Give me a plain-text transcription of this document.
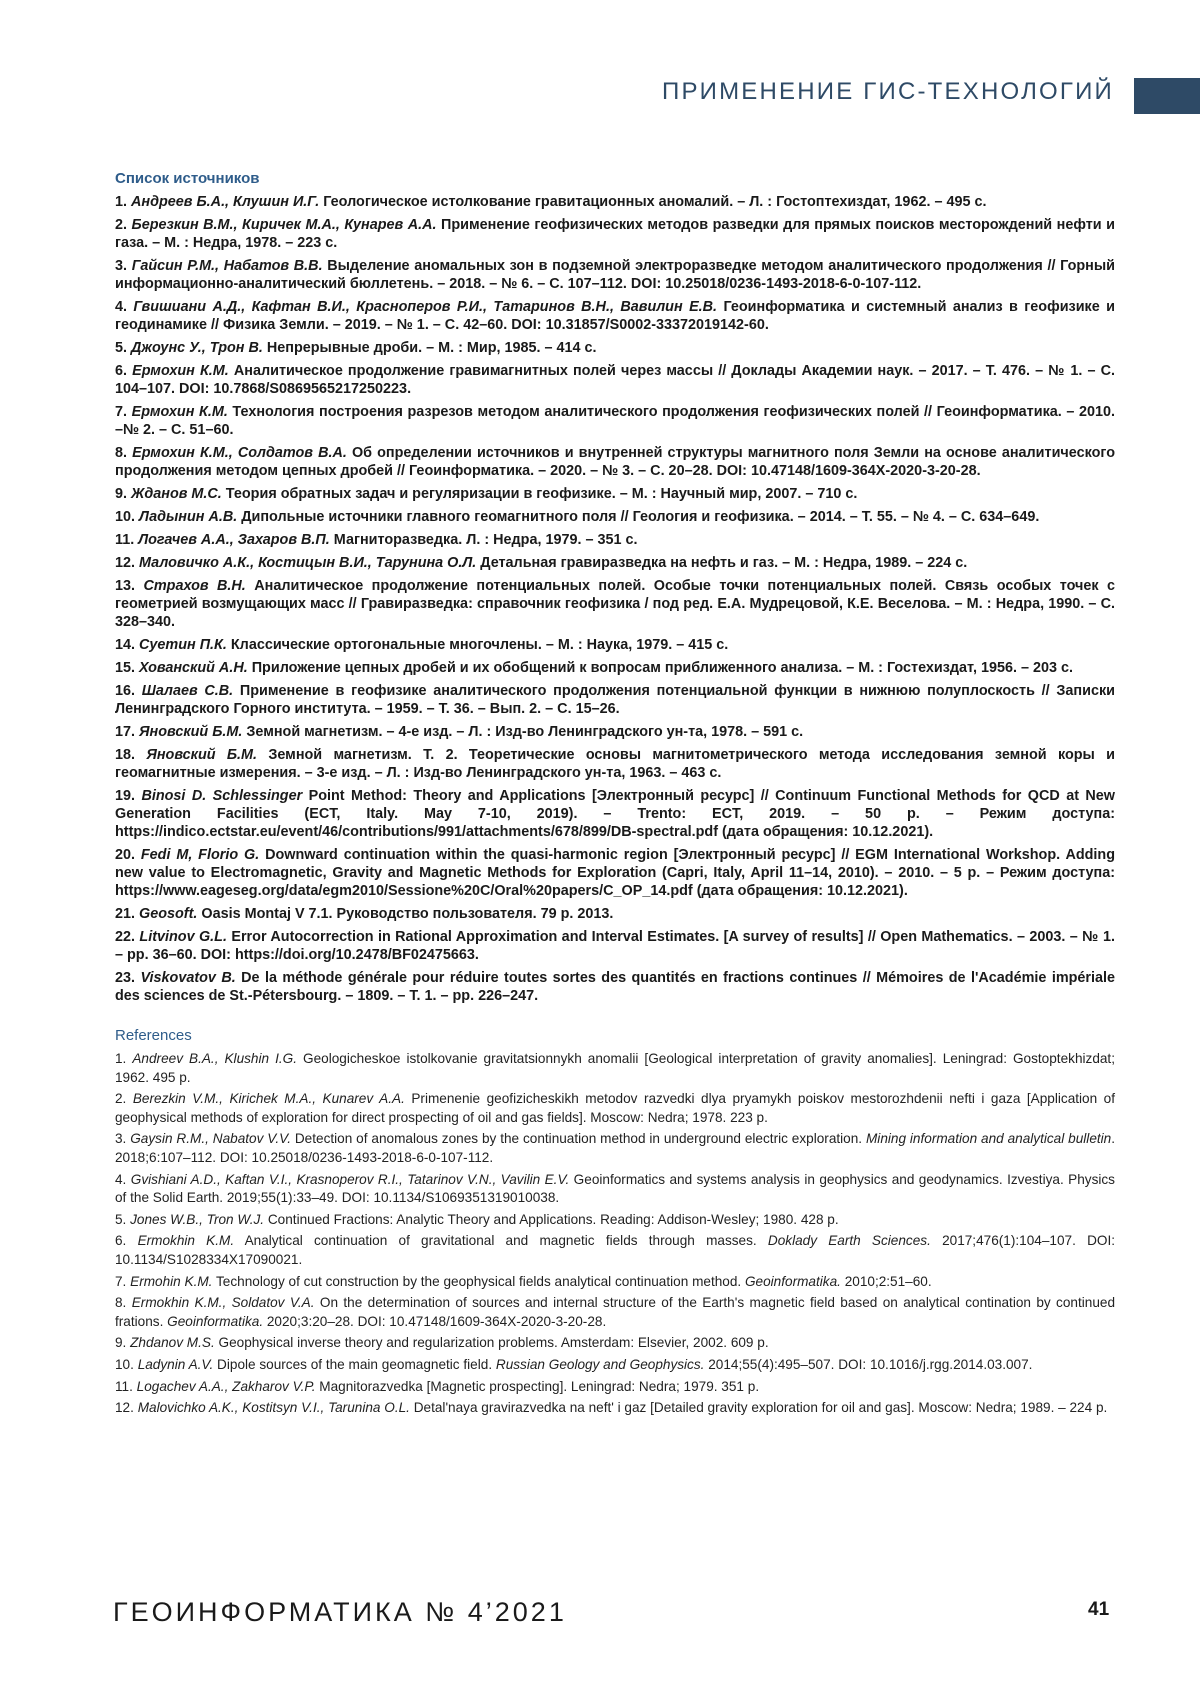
ПРИМЕНЕНИЕ ГИС-ТЕХНОЛОГИЙ
Список источников
1. Андреев Б.А., Клушин И.Г. Геологическое истолкование гравитационных аномалий. – Л. : Гостоптехиздат, 1962. – 495 с.
2. Березкин В.М., Киричек М.А., Кунарев А.А. Применение геофизических методов разведки для прямых поисков месторождений нефти и газа. – М. : Недра, 1978. – 223 с.
3. Гайсин Р.М., Набатов В.В. Выделение аномальных зон в подземной электроразведке методом аналитического продолжения // Горный информационно-аналитический бюллетень. – 2018. – № 6. – С. 107–112. DOI: 10.25018/0236-1493-2018-6-0-107-112.
4. Гвишиани А.Д., Кафтан В.И., Красноперов Р.И., Татаринов В.Н., Вавилин Е.В. Геоинформатика и системный анализ в геофизике и геодинамике // Физика Земли. – 2019. – № 1. – С. 42–60. DOI: 10.31857/S0002-33372019142-60.
5. Джоунс У., Трон В. Непрерывные дроби. – М. : Мир, 1985. – 414 с.
6. Ермохин К.М. Аналитическое продолжение гравимагнитных полей через массы // Доклады Академии наук. – 2017. – Т. 476. – № 1. – С. 104–107. DOI: 10.7868/S0869565217250223.
7. Ермохин К.М. Технология построения разрезов методом аналитического продолжения геофизических полей // Геоинформатика. – 2010. –№ 2. – С. 51–60.
8. Ермохин К.М., Солдатов В.А. Об определении источников и внутренней структуры магнитного поля Земли на основе аналитического продолжения методом цепных дробей // Геоинформатика. – 2020. – № 3. – С. 20–28. DOI: 10.47148/1609-364X-2020-3-20-28.
9. Жданов М.С. Теория обратных задач и регуляризации в геофизике. – М. : Научный мир, 2007. – 710 с.
10. Ладынин А.В. Дипольные источники главного геомагнитного поля // Геология и геофизика. – 2014. – Т. 55. – № 4. – С. 634–649.
11. Логачев А.А., Захаров В.П. Магниторазведка. Л. : Недра, 1979. – 351 с.
12. Маловичко А.К., Костицын В.И., Тарунина О.Л. Детальная гравиразведка на нефть и газ. – М. : Недра, 1989. – 224 с.
13. Страхов В.Н. Аналитическое продолжение потенциальных полей. Особые точки потенциальных полей. Связь особых точек с геометрией возмущающих масс // Гравиразведка: справочник геофизика / под ред. Е.А. Мудрецовой, К.Е. Веселова. – М. : Недра, 1990. – С. 328–340.
14. Суетин П.К. Классические ортогональные многочлены. – М. : Наука, 1979. – 415 с.
15. Хованский А.Н. Приложение цепных дробей и их обобщений к вопросам приближенного анализа. – М. : Гостехиздат, 1956. – 203 с.
16. Шалаев С.В. Применение в геофизике аналитического продолжения потенциальной функции в нижнюю полуплоскость // Записки Ленинградского Горного института. – 1959. – Т. 36. – Вып. 2. – С. 15–26.
17. Яновский Б.М. Земной магнетизм. – 4-е изд. – Л. : Изд-во Ленинградского ун-та, 1978. – 591 с.
18. Яновский Б.М. Земной магнетизм. Т. 2. Теоретические основы магнитометрического метода исследования земной коры и геомагнитные измерения. – 3-е изд. – Л. : Изд-во Ленинградского ун-та, 1963. – 463 с.
19. Binosi D. Schlessinger Point Method: Theory and Applications [Электронный ресурс] // Continuum Functional Methods for QCD at New Generation Facilities (ECT, Italy. May 7-10, 2019). – Trento: ECT, 2019. – 50 p. – Режим доступа: https://indico.ectstar.eu/event/46/contributions/991/attachments/678/899/DB-spectral.pdf (дата обращения: 10.12.2021).
20. Fedi M, Florio G. Downward continuation within the quasi-harmonic region [Электронный ресурс] // EGM International Workshop. Adding new value to Electromagnetic, Gravity and Magnetic Methods for Exploration (Capri, Italy, April 11–14, 2010). – 2010. – 5 p. – Режим доступа: https://www.eageseg.org/data/egm2010/Sessione%20C/Oral%20papers/C_OP_14.pdf (дата обращения: 10.12.2021).
21. Geosoft. Oasis Montaj V 7.1. Руководство пользователя. 79 р. 2013.
22. Litvinov G.L. Error Autocorrection in Rational Approximation and Interval Estimates. [A survey of results] // Open Mathematics. – 2003. – № 1. – pp. 36–60. DOI: https://doi.org/10.2478/BF02475663.
23. Viskovatov B. De la méthode générale pour réduire toutes sortes des quantités en fractions continues // Mémoires de l'Académie impériale des sciences de St.-Pétersbourg. – 1809. – Т. 1. – pp. 226–247.
References
1. Andreev B.A., Klushin I.G. Geologicheskoe istolkovanie gravitatsionnykh anomalii [Geological interpretation of gravity anomalies]. Leningrad: Gostoptekhizdat; 1962. 495 p.
2. Berezkin V.M., Kirichek M.A., Kunarev A.A. Primenenie geofizicheskikh metodov razvedki dlya pryamykh poiskov mestorozhdenii nefti i gaza [Application of geophysical methods of exploration for direct prospecting of oil and gas fields]. Moscow: Nedra; 1978. 223 p.
3. Gaysin R.M., Nabatov V.V. Detection of anomalous zones by the continuation method in underground electric exploration. Mining information and analytical bulletin. 2018;6:107–112. DOI: 10.25018/0236-1493-2018-6-0-107-112.
4. Gvishiani A.D., Kaftan V.I., Krasnoperov R.I., Tatarinov V.N., Vavilin E.V. Geoinformatics and systems analysis in geophysics and geodynamics. Izvestiya. Physics of the Solid Earth. 2019;55(1):33–49. DOI: 10.1134/S1069351319010038.
5. Jones W.B., Tron W.J. Continued Fractions: Analytic Theory and Applications. Reading: Addison-Wesley; 1980. 428 p.
6. Ermokhin K.M. Analytical continuation of gravitational and magnetic fields through masses. Doklady Earth Sciences. 2017;476(1):104–107. DOI: 10.1134/S1028334X17090021.
7. Ermohin K.M. Technology of cut construction by the geophysical fields analytical continuation method. Geoinformatika. 2010;2:51–60.
8. Ermokhin K.M., Soldatov V.A. On the determination of sources and internal structure of the Earth's magnetic field based on analytical contination by continued frations. Geoinformatika. 2020;3:20–28. DOI: 10.47148/1609-364X-2020-3-20-28.
9. Zhdanov M.S. Geophysical inverse theory and regularization problems. Amsterdam: Elsevier, 2002. 609 p.
10. Ladynin A.V. Dipole sources of the main geomagnetic field. Russian Geology and Geophysics. 2014;55(4):495–507. DOI: 10.1016/j.rgg.2014.03.007.
11. Logachev A.A., Zakharov V.P. Magnitorazvedka [Magnetic prospecting]. Leningrad: Nedra; 1979. 351 p.
12. Malovichko A.K., Kostitsyn V.I., Tarunina O.L. Detal'naya gravirazvedka na neft' i gaz [Detailed gravity exploration for oil and gas]. Moscow: Nedra; 1989. – 224 p.
ГЕОИНФОРМАТИКА № 4’2021	41
